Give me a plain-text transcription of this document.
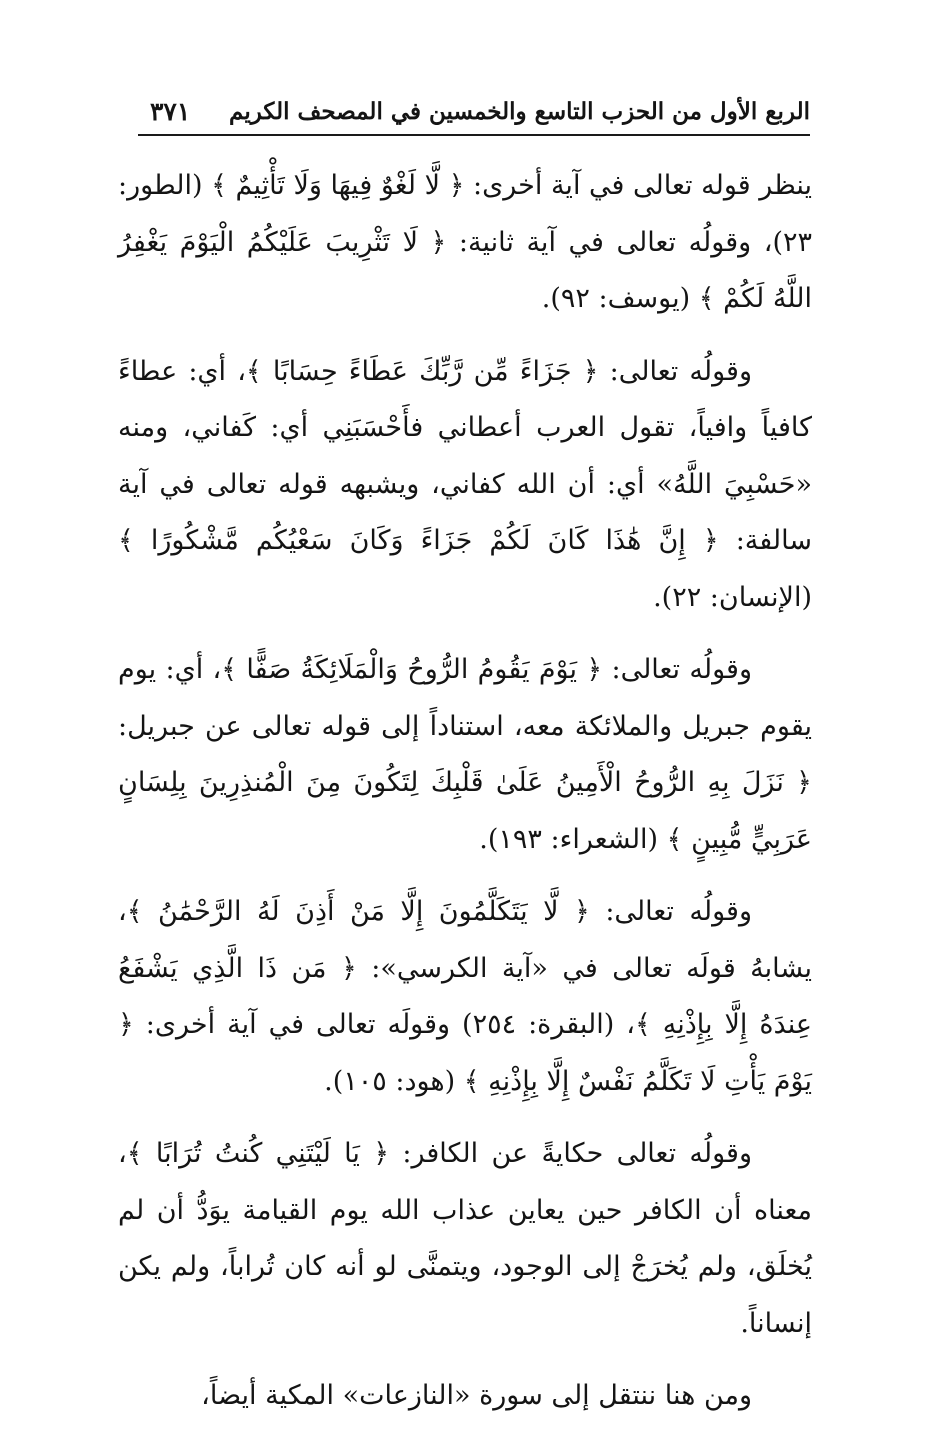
الربع الأول من الحزب التاسع والخمسين في المصحف الكريم
٣٧١

ينظر قوله تعالى في آية أخرى: ﴿ لَّا لَغْوٌ فِيهَا وَلَا تَأْثِيمٌ ﴾ (الطور: ٢٣)، وقولُه تعالى في آية ثانية: ﴿ لَا تَثْرِيبَ عَلَيْكُمُ الْيَوْمَ يَغْفِرُ اللَّهُ لَكُمْ ﴾ (يوسف: ٩٢).

وقولُه تعالى: ﴿ جَزَاءً مِّن رَّبِّكَ عَطَاءً حِسَابًا ﴾، أي: عطاءً كافياً وافياً، تقول العرب أعطاني فأَحْسَبَنِي أي: كَفاني، ومنه «حَسْبِيَ اللَّهُ» أي: أن الله كفاني، ويشبهه قوله تعالى في آية سالفة: ﴿ إِنَّ هَٰذَا كَانَ لَكُمْ جَزَاءً وَكَانَ سَعْيُكُم مَّشْكُورًا ﴾ (الإنسان: ٢٢).

وقولُه تعالى: ﴿ يَوْمَ يَقُومُ الرُّوحُ وَالْمَلَائِكَةُ صَفًّا ﴾، أي: يوم يقوم جبريل والملائكة معه، استناداً إلى قوله تعالى عن جبريل: ﴿ نَزَلَ بِهِ الرُّوحُ الْأَمِينُ عَلَىٰ قَلْبِكَ لِتَكُونَ مِنَ الْمُنذِرِينَ بِلِسَانٍ عَرَبِيٍّ مُّبِينٍ ﴾ (الشعراء: ١٩٣).

وقولُه تعالى: ﴿ لَّا يَتَكَلَّمُونَ إِلَّا مَنْ أَذِنَ لَهُ الرَّحْمَٰنُ ﴾، يشابهُ قولَه تعالى في «آية الكرسي»: ﴿ مَن ذَا الَّذِي يَشْفَعُ عِندَهُ إِلَّا بِإِذْنِهِ ﴾، (البقرة: ٢٥٤) وقولَه تعالى في آية أخرى: ﴿ يَوْمَ يَأْتِ لَا تَكَلَّمُ نَفْسٌ إِلَّا بِإِذْنِهِ ﴾ (هود: ١٠٥).

وقولُه تعالى حكايةً عن الكافر: ﴿ يَا لَيْتَنِي كُنتُ تُرَابًا ﴾، معناه أن الكافر حين يعاين عذاب الله يوم القيامة يوَدُّ أن لم يُخلَق، ولم يُخرَجْ إلى الوجود، ويتمنَّى لو أنه كان تُراباً، ولم يكن إنساناً.

ومن هنا ننتقل إلى سورة «النازعات» المكية أيضاً،
